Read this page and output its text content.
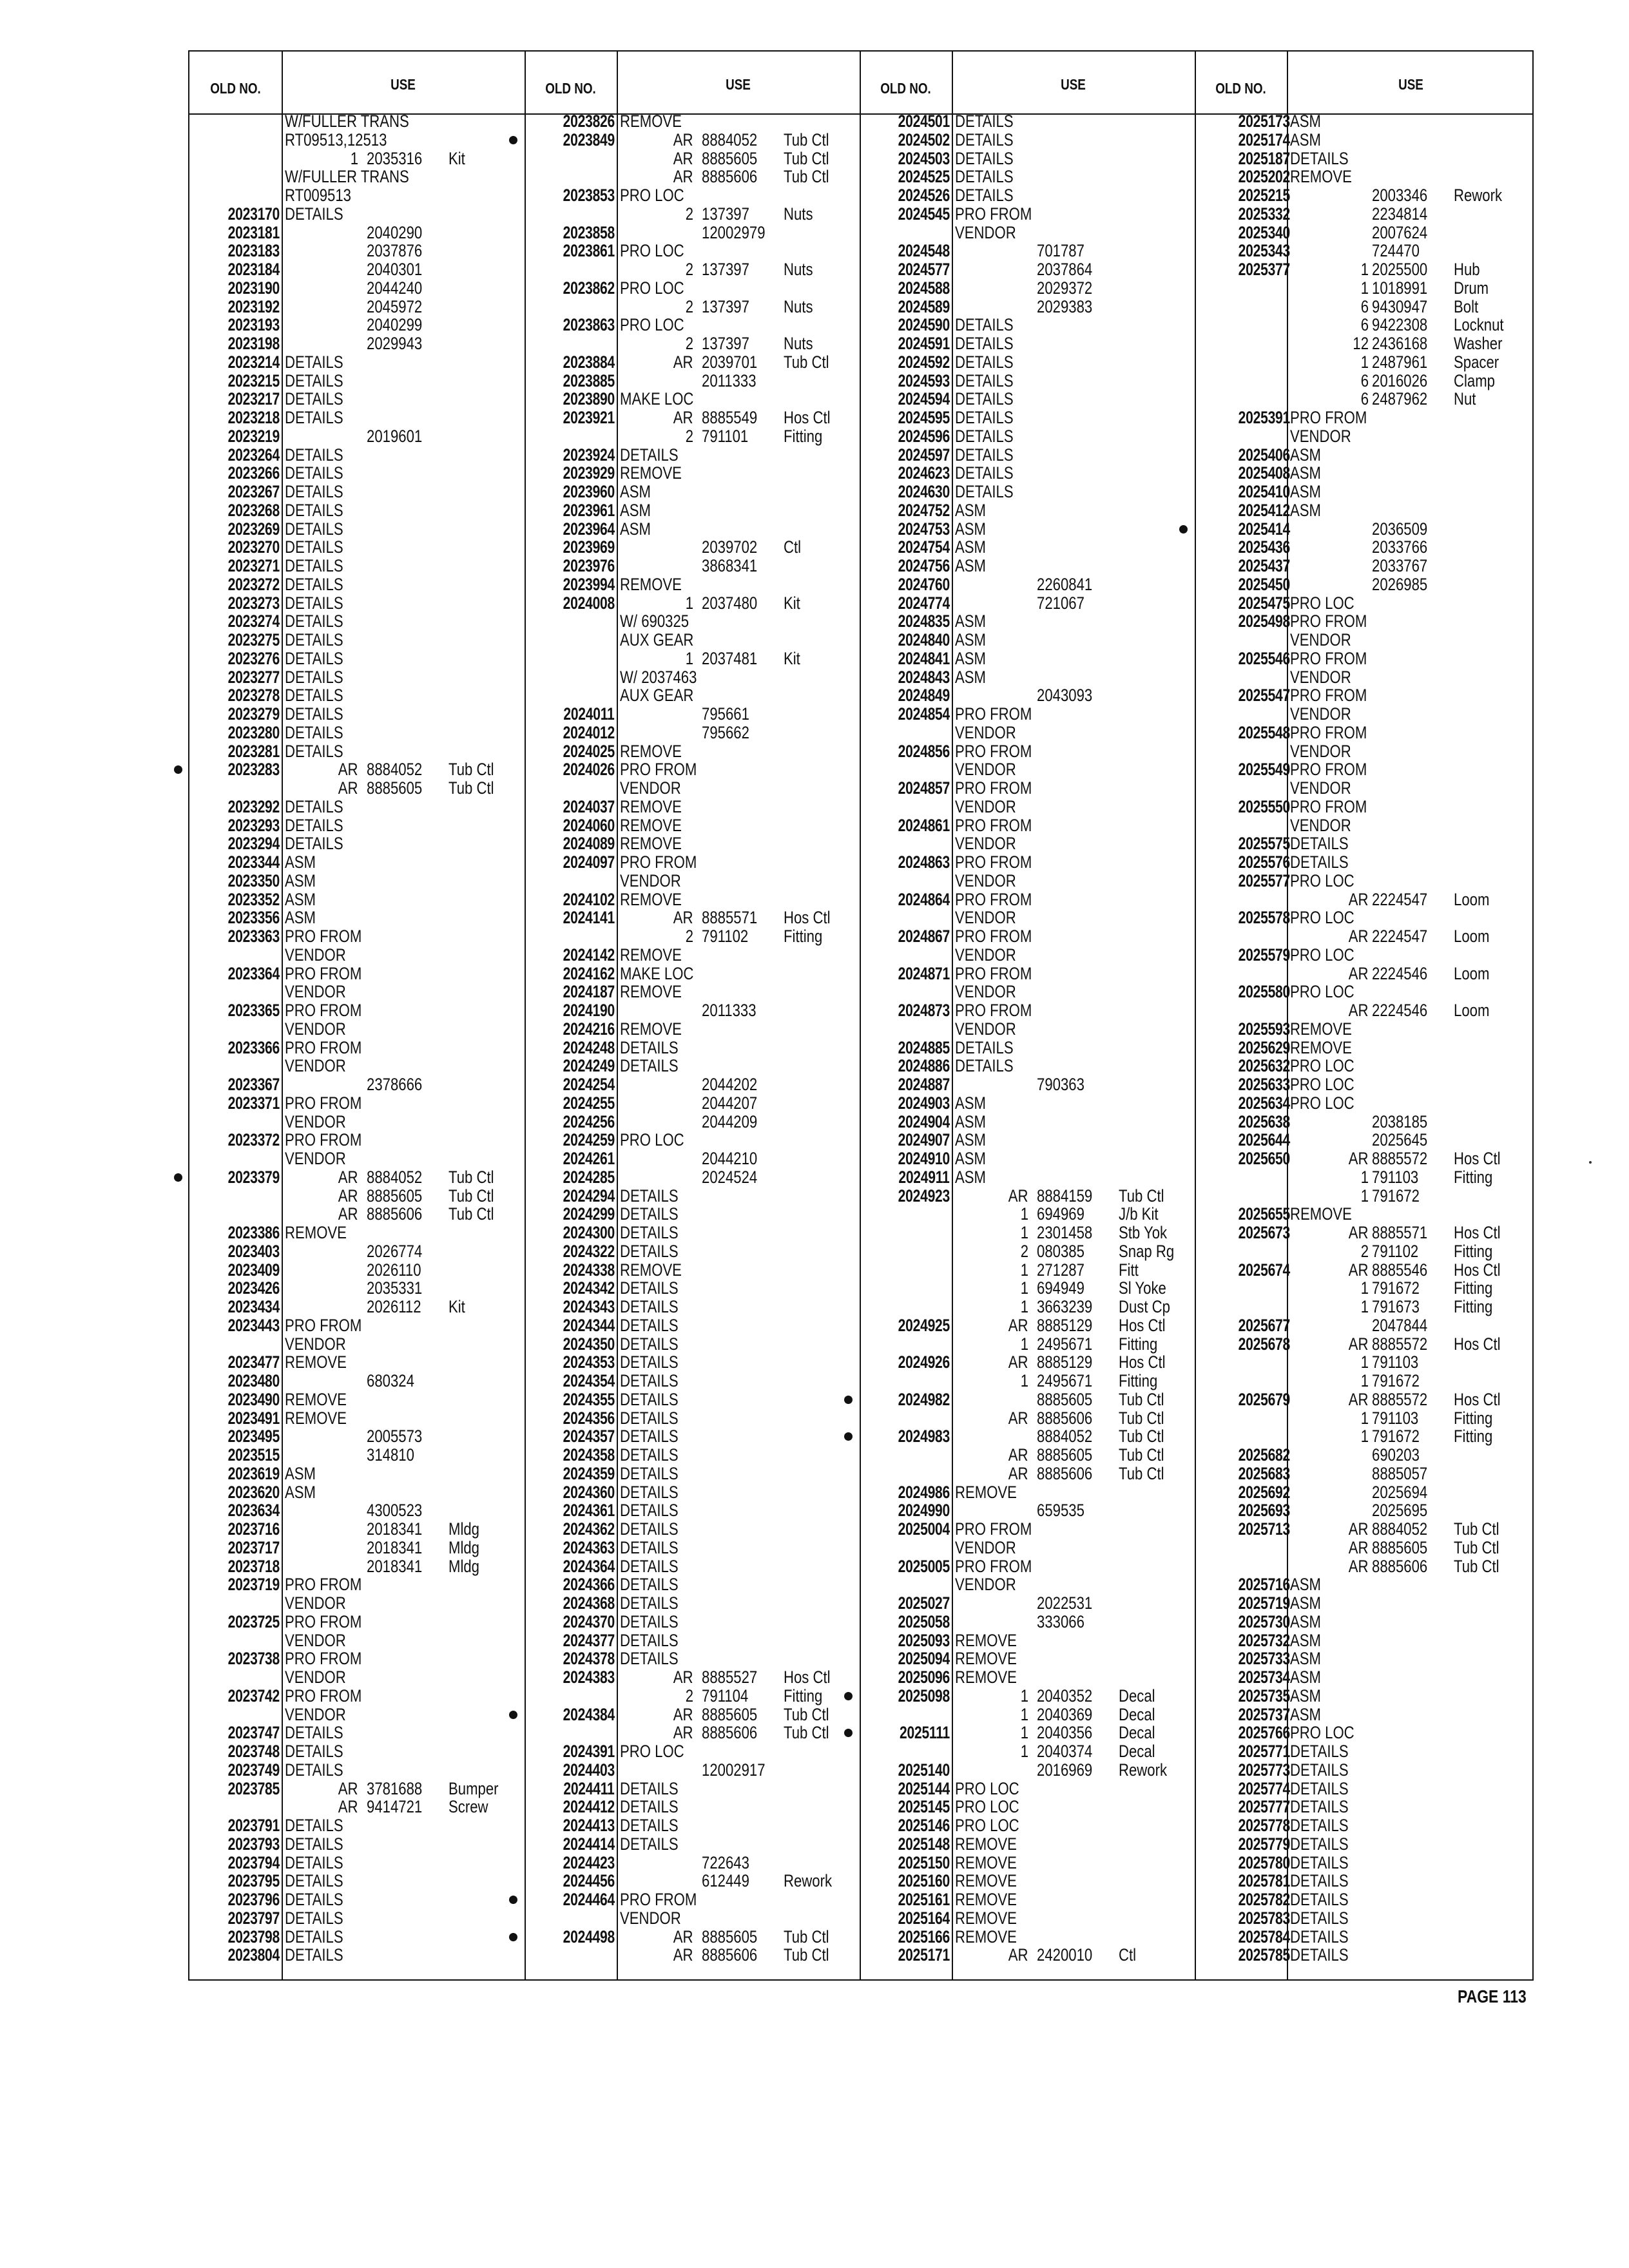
OLD NO.	USE	OLD NO.	USE	OLD NO.	USE	OLD NO.	USE
W/FULLER TRANS
RT09513,12513
1 2035316 Kit
W/FULLER TRANS
RT009513
2023170 DETAILS
2023181	2040290
2023183	2037876
2023184	2040301
2023190	2044240
2023192	2045972
2023193	2040299
2023198	2029943
2023214 DETAILS
2023215 DETAILS
2023217 DETAILS
2023218 DETAILS
2023219	2019601
2023264 DETAILS
2023266 DETAILS
2023267 DETAILS
2023268 DETAILS
2023269 DETAILS
2023270 DETAILS
2023271 DETAILS
2023272 DETAILS
2023273 DETAILS
2023274 DETAILS
2023275 DETAILS
2023276 DETAILS
2023277 DETAILS
2023278 DETAILS
2023279 DETAILS
2023280 DETAILS
2023281 DETAILS
2023283	AR 8884052 Tub Ctl
AR 8885605 Tub Ctl
2023292 DETAILS
2023293 DETAILS
2023294 DETAILS
2023344 ASM
2023350 ASM
2023352 ASM
2023356 ASM
2023363 PRO FROM
VENDOR
2023364 PRO FROM
VENDOR
2023365 PRO FROM
VENDOR
2023366 PRO FROM
VENDOR
2023367	2378666
2023371 PRO FROM
VENDOR
2023372 PRO FROM
VENDOR
2023379	AR 8884052 Tub Ctl
AR 8885605 Tub Ctl
AR 8885606 Tub Ctl
2023386 REMOVE
2023403	2026774
2023409	2026110
2023426	2035331
2023434	2026112 Kit
2023443 PRO FROM
VENDOR
2023477 REMOVE
2023480	680324
2023490 REMOVE
2023491 REMOVE
2023495	2005573
2023515	314810
2023619 ASM
2023620 ASM
2023634	4300523
2023716	2018341 Mldg
2023717	2018341 Mldg
2023718	2018341 Mldg
2023719 PRO FROM
VENDOR
2023725 PRO FROM
VENDOR
2023738 PRO FROM
VENDOR
2023742 PRO FROM
VENDOR
2023747 DETAILS
2023748 DETAILS
2023749 DETAILS
2023785	AR 3781688 Bumper
AR 9414721 Screw
2023791 DETAILS
2023793 DETAILS
2023794 DETAILS
2023795 DETAILS
2023796 DETAILS
2023797 DETAILS
2023798 DETAILS
2023804 DETAILS
2023826 REMOVE
2023849	AR 8884052 Tub Ctl
AR 8885605 Tub Ctl
AR 8885606 Tub Ctl
2023853 PRO LOC
2 137397 Nuts
2023858	12002979
2023861 PRO LOC
2 137397 Nuts
2023862 PRO LOC
2 137397 Nuts
2023863 PRO LOC
2 137397 Nuts
2023884	AR 2039701 Tub Ctl
2023885	2011333
2023890 MAKE LOC
2023921	AR 8885549 Hos Ctl
2 791101 Fitting
2023924 DETAILS
2023929 REMOVE
2023960 ASM
2023961 ASM
2023964 ASM
2023969	2039702 Ctl
2023976	3868341
2023994 REMOVE
2024008	1 2037480 Kit
W/ 690325
AUX GEAR
1 2037481 Kit
W/ 2037463
AUX GEAR
2024011	795661
2024012	795662
2024025 REMOVE
2024026 PRO FROM
VENDOR
2024037 REMOVE
2024060 REMOVE
2024089 REMOVE
2024097 PRO FROM
VENDOR
2024102 REMOVE
2024141	AR 8885571 Hos Ctl
2 791102 Fitting
2024142 REMOVE
2024162 MAKE LOC
2024187 REMOVE
2024190	2011333
2024216 REMOVE
2024248 DETAILS
2024249 DETAILS
2024254	2044202
2024255	2044207
2024256	2044209
2024259 PRO LOC
2024261	2044210
2024285	2024524
2024294 DETAILS
2024299 DETAILS
2024300 DETAILS
2024322 DETAILS
2024338 REMOVE
2024342 DETAILS
2024343 DETAILS
2024344 DETAILS
2024350 DETAILS
2024353 DETAILS
2024354 DETAILS
2024355 DETAILS
2024356 DETAILS
2024357 DETAILS
2024358 DETAILS
2024359 DETAILS
2024360 DETAILS
2024361 DETAILS
2024362 DETAILS
2024363 DETAILS
2024364 DETAILS
2024366 DETAILS
2024368 DETAILS
2024370 DETAILS
2024377 DETAILS
2024378 DETAILS
2024383	AR 8885527 Hos Ctl
2 791104 Fitting
2024384	AR 8885605 Tub Ctl
AR 8885606 Tub Ctl
2024391 PRO LOC
2024403	12002917
2024411 DETAILS
2024412 DETAILS
2024413 DETAILS
2024414 DETAILS
2024423	722643
2024456	612449 Rework
2024464 PRO FROM
VENDOR
2024498	AR 8885605 Tub Ctl
AR 8885606 Tub Ctl
2024501 DETAILS
2024502 DETAILS
2024503 DETAILS
2024525 DETAILS
2024526 DETAILS
2024545 PRO FROM
VENDOR
2024548	701787
2024577	2037864
2024588	2029372
2024589	2029383
2024590 DETAILS
2024591 DETAILS
2024592 DETAILS
2024593 DETAILS
2024594 DETAILS
2024595 DETAILS
2024596 DETAILS
2024597 DETAILS
2024623 DETAILS
2024630 DETAILS
2024752 ASM
2024753 ASM
2024754 ASM
2024756 ASM
2024760	2260841
2024774	721067
2024835 ASM
2024840 ASM
2024841 ASM
2024843 ASM
2024849	2043093
2024854 PRO FROM
VENDOR
2024856 PRO FROM
VENDOR
2024857 PRO FROM
VENDOR
2024861 PRO FROM
VENDOR
2024863 PRO FROM
VENDOR
2024864 PRO FROM
VENDOR
2024867 PRO FROM
VENDOR
2024871 PRO FROM
VENDOR
2024873 PRO FROM
VENDOR
2024885 DETAILS
2024886 DETAILS
2024887	790363
2024903 ASM
2024904 ASM
2024907 ASM
2024910 ASM
2024911 ASM
2024923	AR 8884159 Tub Ctl
1 694969 J/b Kit
1 2301458 Stb Yok
2 080385 Snap Rg
1 271287 Fitt
1 694949 Sl Yoke
1 3663239 Dust Cp
2024925	AR 8885129 Hos Ctl
1 2495671 Fitting
2024926	AR 8885129 Hos Ctl
1 2495671 Fitting
2024982	8885605 Tub Ctl
AR 8885606 Tub Ctl
2024983	8884052 Tub Ctl
AR 8885605 Tub Ctl
AR 8885606 Tub Ctl
2024986 REMOVE
2024990	659535
2025004 PRO FROM
VENDOR
2025005 PRO FROM
VENDOR
2025027	2022531
2025058	333066
2025093 REMOVE
2025094 REMOVE
2025096 REMOVE
2025098	1 2040352 Decal
1 2040369 Decal
2025111	1 2040356 Decal
1 2040374 Decal
2025140	2016969 Rework
2025144 PRO LOC
2025145 PRO LOC
2025146 PRO LOC
2025148 REMOVE
2025150 REMOVE
2025160 REMOVE
2025161 REMOVE
2025164 REMOVE
2025166 REMOVE
2025171	AR 2420010 Ctl
2025173 ASM
2025174 ASM
2025187 DETAILS
2025202 REMOVE
2025215	2003346 Rework
2025332	2234814
2025340	2007624
2025343	724470
2025377	1 2025500 Hub
1 1018991 Drum
6 9430947 Bolt
6 9422308 Locknut
12 2436168 Washer
1 2487961 Spacer
6 2016026 Clamp
6 2487962 Nut
2025391 PRO FROM
VENDOR
2025406 ASM
2025408 ASM
2025410 ASM
2025412 ASM
2025414	2036509
2025436	2033766
2025437	2033767
2025450	2026985
2025475 PRO LOC
2025498 PRO FROM
VENDOR
2025546 PRO FROM
VENDOR
2025547 PRO FROM
VENDOR
2025548 PRO FROM
VENDOR
2025549 PRO FROM
VENDOR
2025550 PRO FROM
VENDOR
2025575 DETAILS
2025576 DETAILS
2025577 PRO LOC
AR 2224547 Loom
2025578 PRO LOC
AR 2224547 Loom
2025579 PRO LOC
AR 2224546 Loom
2025580 PRO LOC
AR 2224546 Loom
2025593 REMOVE
2025629 REMOVE
2025632 PRO LOC
2025633 PRO LOC
2025634 PRO LOC
2025638	2038185
2025644	2025645
2025650	AR 8885572 Hos Ctl
1 791103 Fitting
1 791672
2025655 REMOVE
2025673	AR 8885571 Hos Ctl
2 791102 Fitting
2025674	AR 8885546 Hos Ctl
1 791672 Fitting
1 791673 Fitting
2025677	2047844
2025678	AR 8885572 Hos Ctl
1 791103
1 791672
2025679	AR 8885572 Hos Ctl
1 791103 Fitting
1 791672 Fitting
2025682	690203
2025683	8885057
2025692	2025694
2025693	2025695
2025713	AR 8884052 Tub Ctl
AR 8885605 Tub Ctl
AR 8885606 Tub Ctl
2025716 ASM
2025719 ASM
2025730 ASM
2025732 ASM
2025733 ASM
2025734 ASM
2025735 ASM
2025737 ASM
2025766 PRO LOC
2025771 DETAILS
2025773 DETAILS
2025774 DETAILS
2025777 DETAILS
2025778 DETAILS
2025779 DETAILS
2025780 DETAILS
2025781 DETAILS
2025782 DETAILS
2025783 DETAILS
2025784 DETAILS
2025785 DETAILS
PAGE 113
